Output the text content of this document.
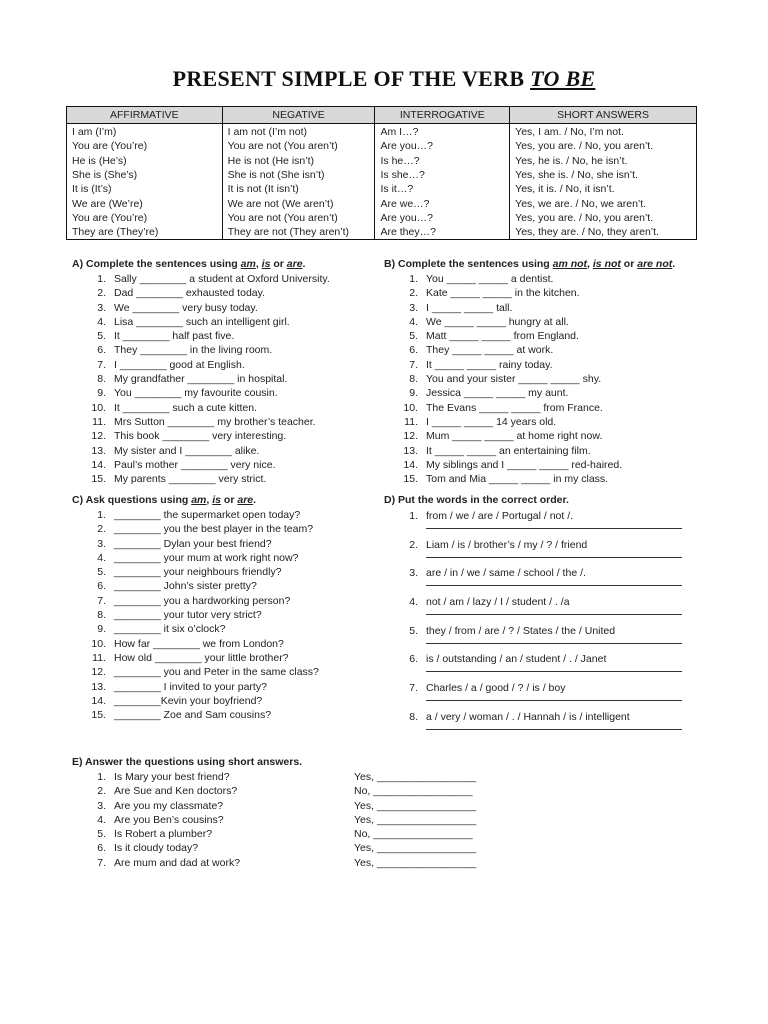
PRESENT SIMPLE OF THE VERB TO BE
AFFIRMATIVE	NEGATIVE	INTERROGATIVE	SHORT ANSWERS
I am (I’m)	I am not (I’m not)	Am I…?	Yes, I am. / No, I’m not.
You are (You’re)	You are not (You aren’t)	Are you…?	Yes, you are. / No, you aren’t.
He is (He’s)	He is not (He isn’t)	Is he…?	Yes, he is. / No, he isn’t.
She is (She’s)	She is not (She isn’t)	Is she…?	Yes, she is. / No, she isn’t.
It is (It’s)	It is not (It isn’t)	Is it…?	Yes, it is. / No, it isn’t.
We are (We’re)	We are not (We aren’t)	Are we…?	Yes, we are. / No, we aren’t.
You are (You’re)	You are not (You aren’t)	Are you…?	Yes, you are. / No, you aren’t.
They are (They’re)	They are not (They aren’t)	Are they…?	Yes, they are. / No, they aren’t.
A) Complete the sentences using am, is or are.
1. Sally ________ a student at Oxford University.
2. Dad ________ exhausted today.
3. We ________ very busy today.
4. Lisa ________ such an intelligent girl.
5. It ________ half past five.
6. They ________ in the living room.
7. I ________ good at English.
8. My grandfather ________ in hospital.
9. You ________ my favourite cousin.
10. It ________ such a cute kitten.
11. Mrs Sutton ________ my brother’s teacher.
12. This book ________ very interesting.
13. My sister and I ________ alike.
14. Paul’s mother ________ very nice.
15. My parents ________ very strict.
B) Complete the sentences using am not, is not or are not.
1. You _____ _____ a dentist.
2. Kate _____ _____ in the kitchen.
3. I _____ _____ tall.
4. We _____ _____ hungry at all.
5. Matt _____ _____ from England.
6. They _____ _____ at work.
7. It _____ _____ rainy today.
8. You and your sister _____ _____ shy.
9. Jessica _____ _____ my aunt.
10. The Evans _____ _____ from France.
11. I _____ _____ 14 years old.
12. Mum _____ _____ at home right now.
13. It _____ _____ an entertaining film.
14. My siblings and I _____ _____ red-haired.
15. Tom and Mia _____ _____ in my class.
C) Ask questions using am, is or are.
1. ________ the supermarket open today?
2. ________ you the best player in the team?
3. ________ Dylan your best friend?
4. ________ your mum at work right now?
5. ________ your neighbours friendly?
6. ________ John’s sister pretty?
7. ________ you a hardworking person?
8. ________ your tutor very strict?
9. ________ it six o’clock?
10. How far ________ we from London?
11. How old ________ your little brother?
12. ________ you and Peter in the same class?
13. ________ I invited to your party?
14. ________Kevin your boyfriend?
15. ________ Zoe and Sam cousins?
D) Put the words in the correct order.
1. from / we / are / Portugal / not /.
2. Liam / is / brother’s / my / ? / friend
3. are / in / we / same / school / the /.
4. not / am / lazy / I / student / . /a
5. they / from / are / ? / States / the / United
6. is / outstanding / an / student / . / Janet
7. Charles / a / good / ? / is / boy
8. a / very / woman / . / Hannah / is / intelligent
E) Answer the questions using short answers.
1. Is Mary your best friend?	Yes, _________________
2. Are Sue and Ken doctors?	No, _________________
3. Are you my classmate?	Yes, _________________
4. Are you Ben’s cousins?	Yes, _________________
5. Is Robert a plumber?	No, _________________
6. Is it cloudy today?	Yes, _________________
7. Are mum and dad at work?	Yes, _________________
